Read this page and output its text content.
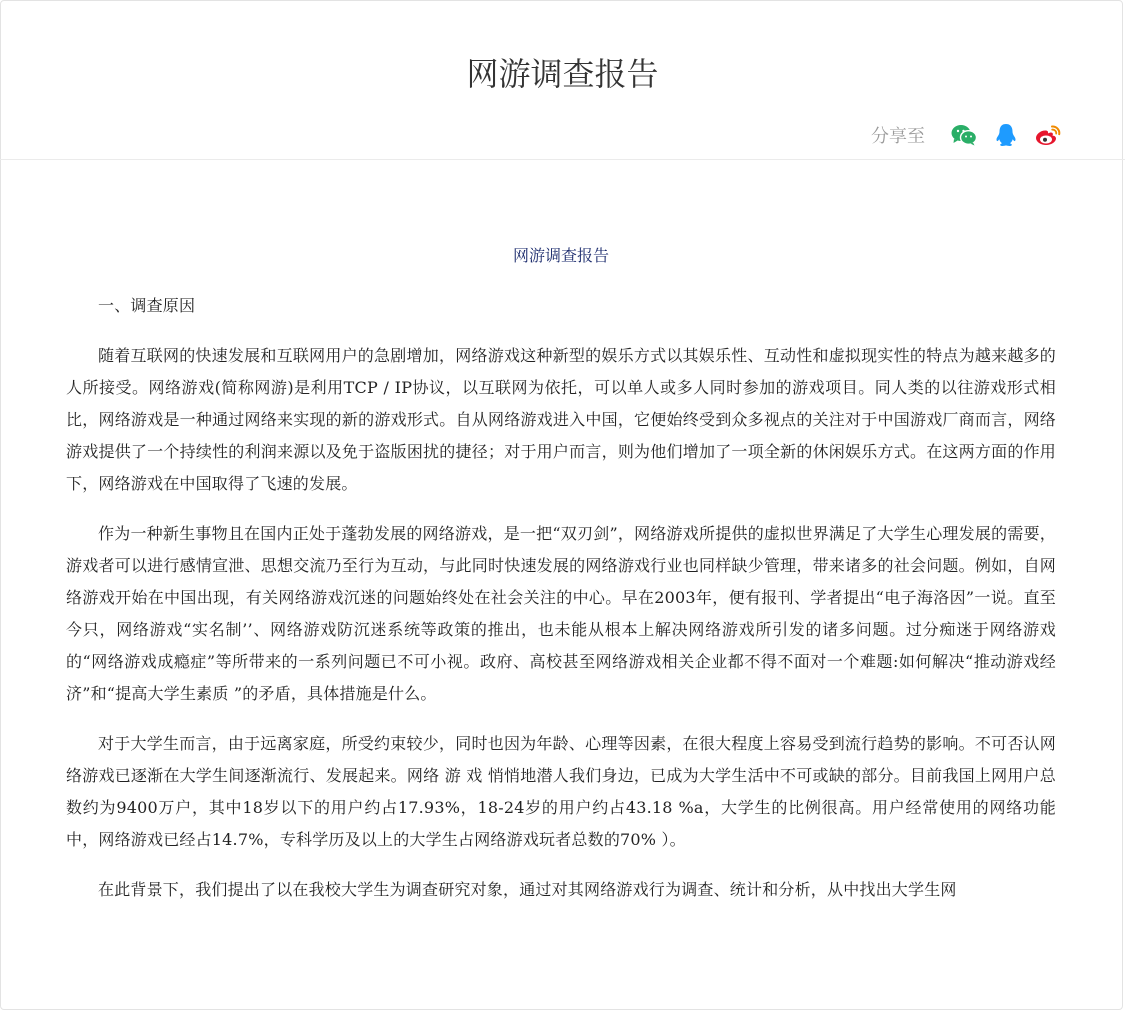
网游调查报告
分享至
网游调查报告

一、调查原因

随着互联网的快速发展和互联网用户的急剧增加，网络游戏这种新型的娱乐方式以其娱乐性、互动性和虚拟现实性的特点为越来越多的人所接受。网络游戏(简称网游)是利用TCP / IP协议，以互联网为依托，可以单人或多人同时参加的游戏项目。同人类的以往游戏形式相比，网络游戏是一种通过网络来实现的新的游戏形式。自从网络游戏进入中国，它便始终受到众多视点的关注对于中国游戏厂商而言，网络游戏提供了一个持续性的利润来源以及免于盗版困扰的捷径；对于用户而言，则为他们增加了一项全新的休闲娱乐方式。在这两方面的作用下，网络游戏在中国取得了飞速的发展。

作为一种新生事物且在国内正处于蓬勃发展的网络游戏，是一把“双刃剑”，网络游戏所提供的虚拟世界满足了大学生心理发展的需要，游戏者可以进行感情宣泄、思想交流乃至行为互动，与此同时快速发展的网络游戏行业也同样缺少管理，带来诸多的社会问题。例如，自网络游戏开始在中国出现，有关网络游戏沉迷的问题始终处在社会关注的中心。早在2003年，便有报刊、学者提出“电子海洛因”一说。直至今只，网络游戏“实名制’’、网络游戏防沉迷系统等政策的推出，也未能从根本上解决网络游戏所引发的诸多问题。过分痴迷于网络游戏的“网络游戏成瘾症”等所带来的一系列问题已不可小视。政府、高校甚至网络游戏相关企业都不得不面对一个难题:如何解决“推动游戏经济”和“提高大学生素质 ”的矛盾，具体措施是什么。

对于大学生而言，由于远离家庭，所受约束较少，同时也因为年龄、心理等因素，在很大程度上容易受到流行趋势的影响。不可否认网络游戏已逐渐在大学生间逐渐流行、发展起来。网络 游 戏 悄悄地潜人我们身边，已成为大学生活中不可或缺的部分。目前我国上网用户总数约为9400万户，其中18岁以下的用户约占17.93%，18-24岁的用户约占43.18 %a，大学生的比例很高。用户经常使用的网络功能中，网络游戏已经占14.7%，专科学历及以上的大学生占网络游戏玩者总数的70% ）。

在此背景下，我们提出了以在我校大学生为调查研究对象，通过对其网络游戏行为调查、统计和分析，从中找出大学生网
